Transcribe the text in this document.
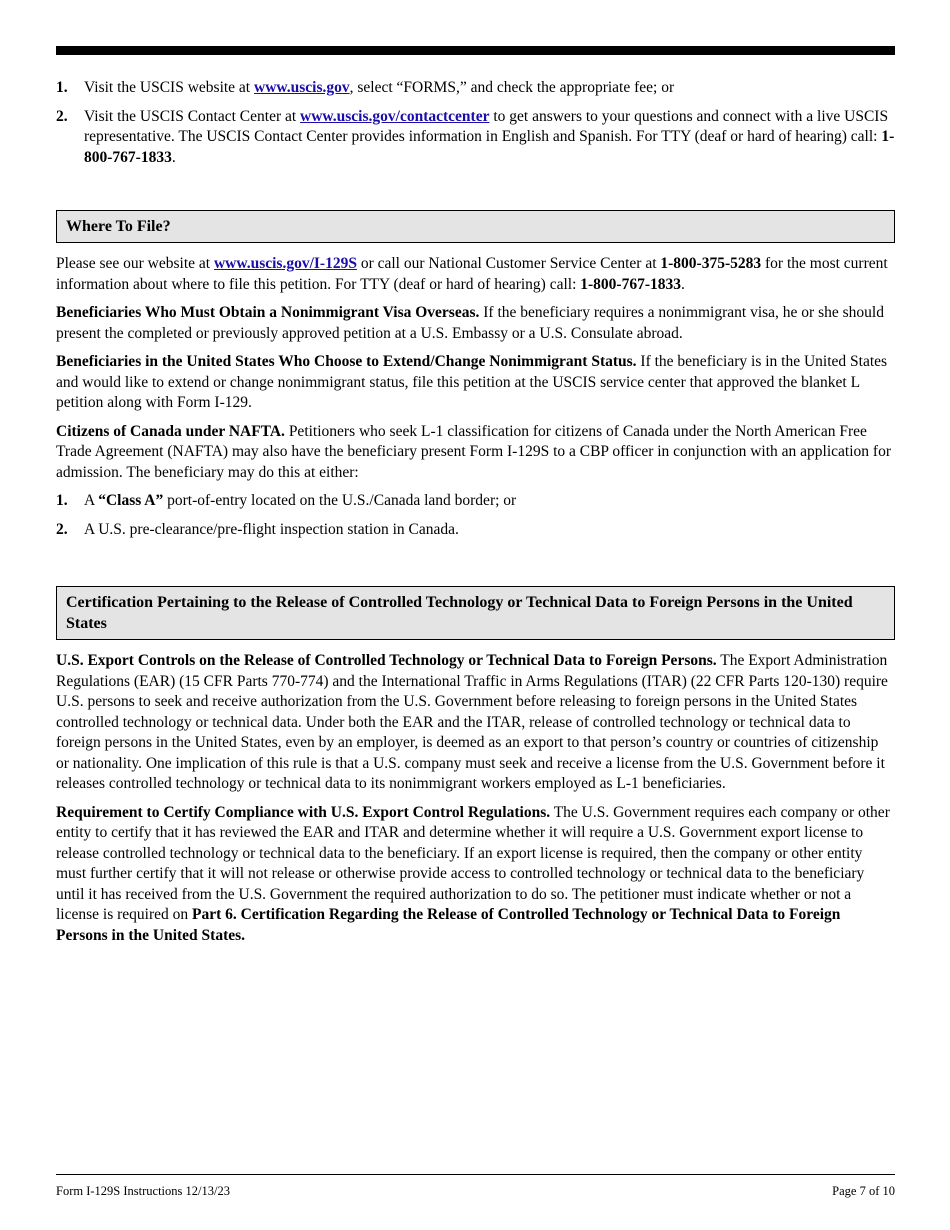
1. Visit the USCIS website at www.uscis.gov, select “FORMS,” and check the appropriate fee; or
2. Visit the USCIS Contact Center at www.uscis.gov/contactcenter to get answers to your questions and connect with a live USCIS representative. The USCIS Contact Center provides information in English and Spanish. For TTY (deaf or hard of hearing) call: 1-800-767-1833.
Where To File?

Please see our website at www.uscis.gov/I-129S or call our National Customer Service Center at 1-800-375-5283 for the most current information about where to file this petition. For TTY (deaf or hard of hearing) call: 1-800-767-1833.

Beneficiaries Who Must Obtain a Nonimmigrant Visa Overseas. If the beneficiary requires a nonimmigrant visa, he or she should present the completed or previously approved petition at a U.S. Embassy or a U.S. Consulate abroad.

Beneficiaries in the United States Who Choose to Extend/Change Nonimmigrant Status. If the beneficiary is in the United States and would like to extend or change nonimmigrant status, file this petition at the USCIS service center that approved the blanket L petition along with Form I-129.

Citizens of Canada under NAFTA. Petitioners who seek L-1 classification for citizens of Canada under the North American Free Trade Agreement (NAFTA) may also have the beneficiary present Form I-129S to a CBP officer in conjunction with an application for admission. The beneficiary may do this at either:

1. A “Class A” port-of-entry located on the U.S./Canada land border; or
2. A U.S. pre-clearance/pre-flight inspection station in Canada.
Certification Pertaining to the Release of Controlled Technology or Technical Data to Foreign Persons in the United States

U.S. Export Controls on the Release of Controlled Technology or Technical Data to Foreign Persons. The Export Administration Regulations (EAR) (15 CFR Parts 770-774) and the International Traffic in Arms Regulations (ITAR) (22 CFR Parts 120-130) require U.S. persons to seek and receive authorization from the U.S. Government before releasing to foreign persons in the United States controlled technology or technical data. Under both the EAR and the ITAR, release of controlled technology or technical data to foreign persons in the United States, even by an employer, is deemed as an export to that person’s country or countries of citizenship or nationality. One implication of this rule is that a U.S. company must seek and receive a license from the U.S. Government before it releases controlled technology or technical data to its nonimmigrant workers employed as L-1 beneficiaries.

Requirement to Certify Compliance with U.S. Export Control Regulations. The U.S. Government requires each company or other entity to certify that it has reviewed the EAR and ITAR and determine whether it will require a U.S. Government export license to release controlled technology or technical data to the beneficiary. If an export license is required, then the company or other entity must further certify that it will not release or otherwise provide access to controlled technology or technical data to the beneficiary until it has received from the U.S. Government the required authorization to do so. The petitioner must indicate whether or not a license is required on Part 6. Certification Regarding the Release of Controlled Technology or Technical Data to Foreign Persons in the United States.

Form I-129S Instructions 12/13/23	Page 7 of 10
